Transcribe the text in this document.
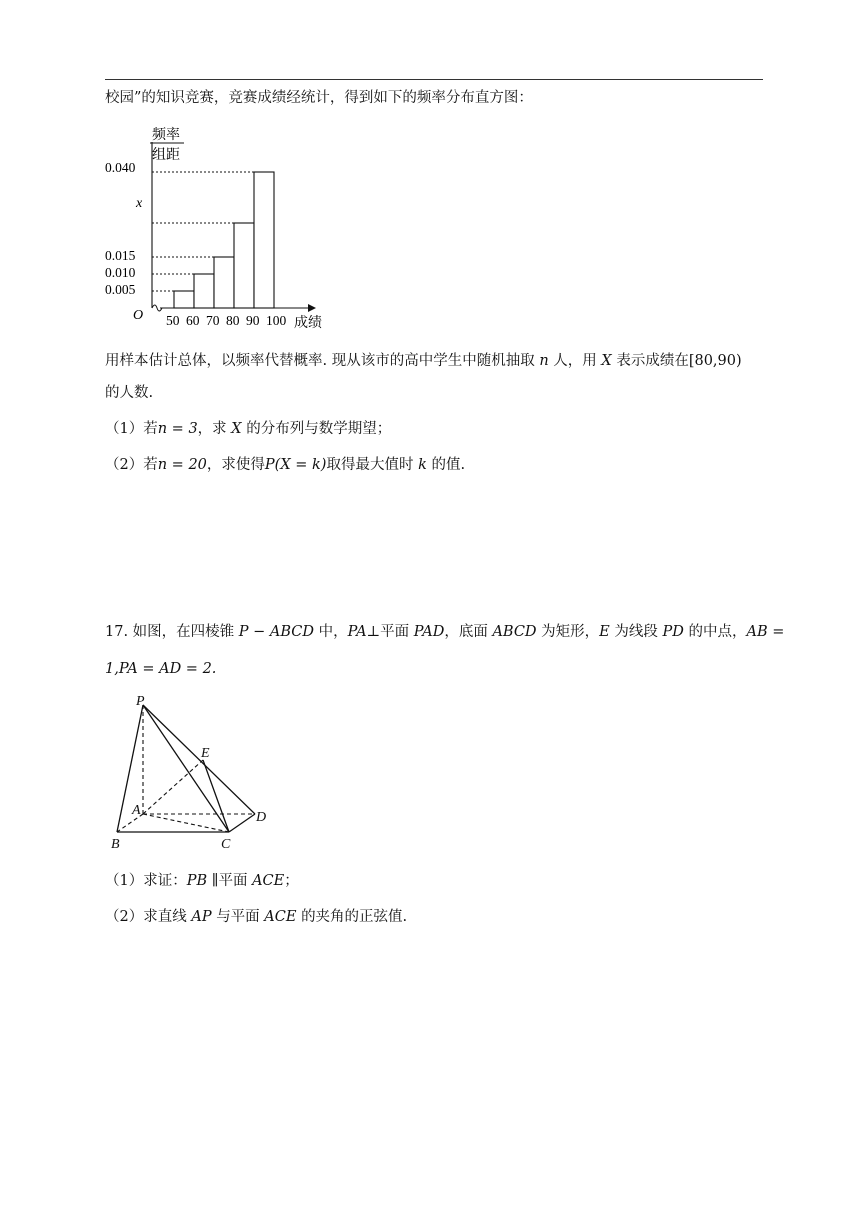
校园”的知识竞赛，竞赛成绩经统计，得到如下的频率分布直方图：
频率
组距
0.040
x
0.015
0.010
0.005
O 50 60 70 80 90 100 成绩
用样本估计总体，以频率代替概率. 现从该市的高中学生中随机抽取 n 人，用 X 表示成绩在[80,90)
的人数.
（1）若n = 3，求 X 的分布列与数学期望；
（2）若n = 20，求使得P(X = k)取得最大值时 k 的值.
17. 如图，在四棱锥 P − ABCD 中，PA⊥平面 PAD，底面 ABCD 为矩形，E 为线段 PD 的中点，AB =
1,PA = AD = 2.
P
E
A	D
B	C
（1）求证：PB ∥平面 ACE；
（2）求直线 AP 与平面 ACE 的夹角的正弦值.
